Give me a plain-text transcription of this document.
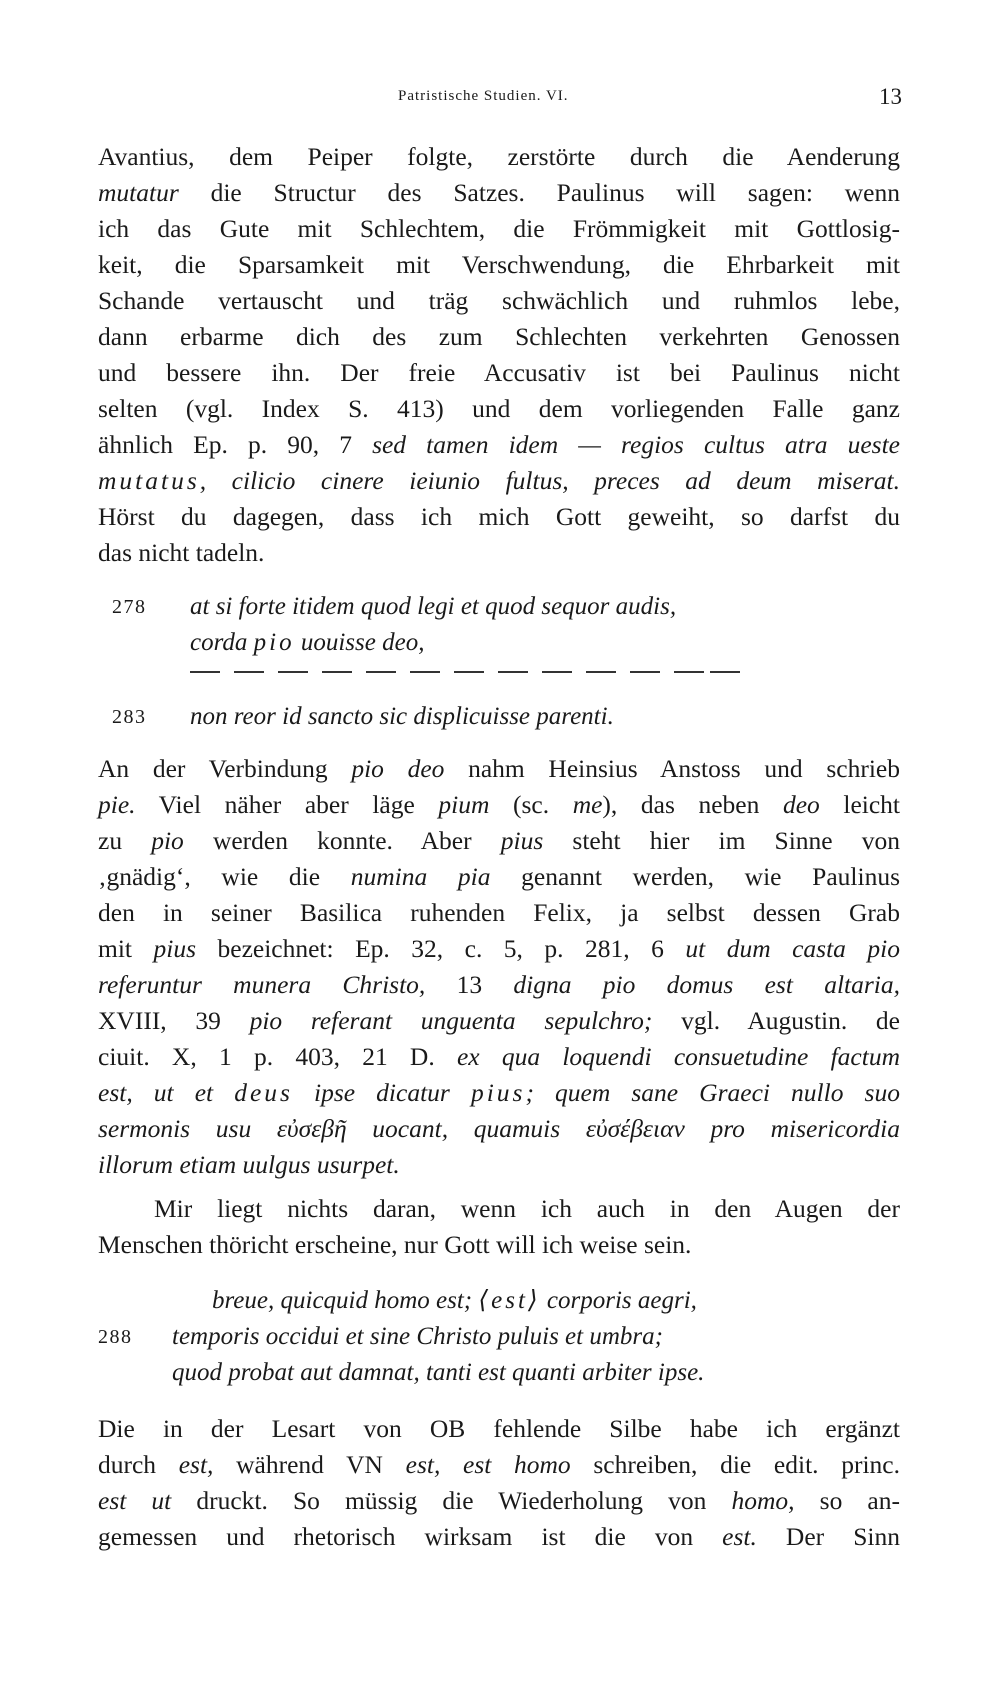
Patristische Studien. VI.	13
Avantius, dem Peiper folgte, zerstörte durch die Aenderung
mutatur die Structur des Satzes. Paulinus will sagen: wenn
ich das Gute mit Schlechtem, die Frömmigkeit mit Gottlosig-
keit, die Sparsamkeit mit Verschwendung, die Ehrbarkeit mit
Schande vertauscht und träg schwächlich und ruhmlos lebe,
dann erbarme dich des zum Schlechten verkehrten Genossen
und bessere ihn. Der freie Accusativ ist bei Paulinus nicht
selten (vgl. Index S. 413) und dem vorliegenden Falle ganz
ähnlich Ep. p. 90, 7 sed tamen idem — regios cultus atra ueste
mutatus, cilicio cinere ieiunio fultus, preces ad deum miserat.
Hörst du dagegen, dass ich mich Gott geweiht, so darfst du
das nicht tadeln.
278 at si forte itidem quod legi et quod sequor audis,
corda pio uouisse deo,
283 non reor id sancto sic displicuisse parenti.
An der Verbindung pio deo nahm Heinsius Anstoss und schrieb
pie. Viel näher aber läge pium (sc. me), das neben deo leicht
zu pio werden konnte. Aber pius steht hier im Sinne von
‚gnädig‘, wie die numina pia genannt werden, wie Paulinus
den in seiner Basilica ruhenden Felix, ja selbst dessen Grab
mit pius bezeichnet: Ep. 32, c. 5, p. 281, 6 ut dum casta pio
referuntur munera Christo, 13 digna pio domus est altaria,
XVIII, 39 pio referant unguenta sepulchro; vgl. Augustin. de
ciuit. X, 1 p. 403, 21 D. ex qua loquendi consuetudine factum
est, ut et deus ipse dicatur pius; quem sane Graeci nullo suo
sermonis usu εὐσεβῆ uocant, quamuis εὐσέβειαν pro misericordia
illorum etiam uulgus usurpet.
Mir liegt nichts daran, wenn ich auch in den Augen der
Menschen thöricht erscheine, nur Gott will ich weise sein.
breue, quicquid homo est; ⟨est⟩ corporis aegri,
288 temporis occidui et sine Christo puluis et umbra;
quod probat aut damnat, tanti est quanti arbiter ipse.
Die in der Lesart von OB fehlende Silbe habe ich ergänzt
durch est, während VN est, est homo schreiben, die edit. princ.
est ut druckt. So müssig die Wiederholung von homo, so an-
gemessen und rhetorisch wirksam ist die von est. Der Sinn
